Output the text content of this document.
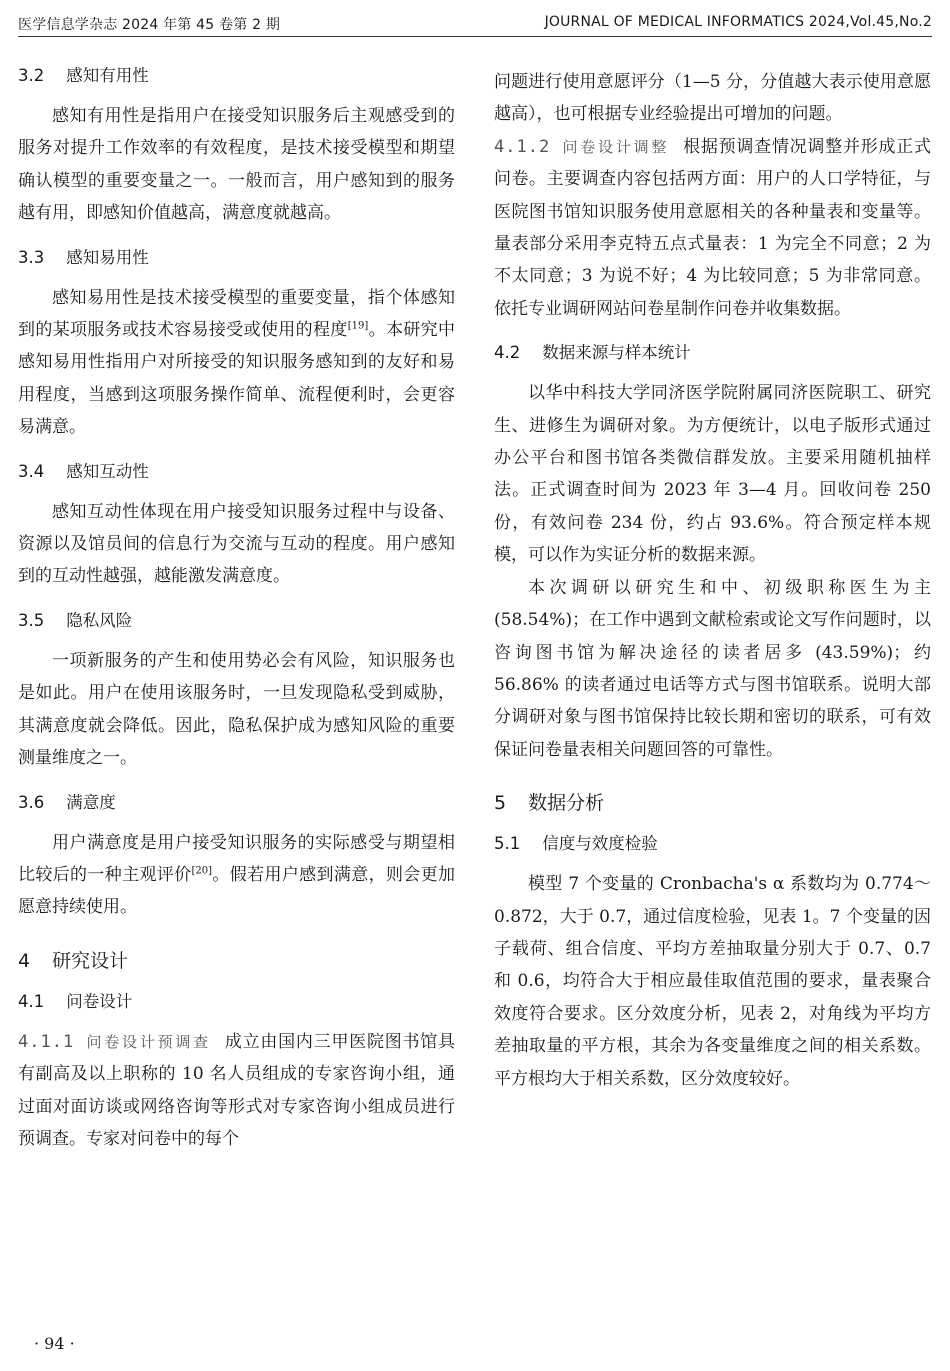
医学信息学杂志 2024 年第 45 卷第 2 期	JOURNAL OF MEDICAL INFORMATICS 2024,Vol.45,No.2
3.2 感知有用性

感知有用性是指用户在接受知识服务后主观感受到的服务对提升工作效率的有效程度，是技术接受模型和期望确认模型的重要变量之一。一般而言，用户感知到的服务越有用，即感知价值越高，满意度就越高。

3.3 感知易用性

感知易用性是技术接受模型的重要变量，指个体感知到的某项服务或技术容易接受或使用的程度[19]。本研究中感知易用性指用户对所接受的知识服务感知到的友好和易用程度，当感到这项服务操作简单、流程便利时，会更容易满意。

3.4 感知互动性

感知互动性体现在用户接受知识服务过程中与设备、资源以及馆员间的信息行为交流与互动的程度。用户感知到的互动性越强，越能激发满意度。

3.5 隐私风险

一项新服务的产生和使用势必会有风险，知识服务也是如此。用户在使用该服务时，一旦发现隐私受到威胁，其满意度就会降低。因此，隐私保护成为感知风险的重要测量维度之一。

3.6 满意度

用户满意度是用户接受知识服务的实际感受与期望相比较后的一种主观评价[20]。假若用户感到满意，则会更加愿意持续使用。

4 研究设计
4.1 问卷设计

4.1.1 问卷设计预调查 成立由国内三甲医院图书馆具有副高及以上职称的 10 名人员组成的专家咨询小组，通过面对面访谈或网络咨询等形式对专家咨询小组成员进行预调查。专家对问卷中的每个

问题进行使用意愿评分（1—5 分，分值越大表示使用意愿越高），也可根据专业经验提出可增加的问题。

4.1.2 问卷设计调整 根据预调查情况调整并形成正式问卷。主要调查内容包括两方面：用户的人口学特征，与医院图书馆知识服务使用意愿相关的各种量表和变量等。量表部分采用李克特五点式量表：1 为完全不同意；2 为不太同意；3 为说不好；4 为比较同意；5 为非常同意。依托专业调研网站问卷星制作问卷并收集数据。

4.2 数据来源与样本统计

以华中科技大学同济医学院附属同济医院职工、研究生、进修生为调研对象。为方便统计，以电子版形式通过办公平台和图书馆各类微信群发放。主要采用随机抽样法。正式调查时间为 2023 年 3—4 月。回收问卷 250 份，有效问卷 234 份，约占 93.6%。符合预定样本规模，可以作为实证分析的数据来源。

本次调研以研究生和中、初级职称医生为主(58.54%)；在工作中遇到文献检索或论文写作问题时，以咨询图书馆为解决途径的读者居多 (43.59%)；约 56.86% 的读者通过电话等方式与图书馆联系。说明大部分调研对象与图书馆保持比较长期和密切的联系，可有效保证问卷量表相关问题回答的可靠性。

5 数据分析
5.1 信度与效度检验

模型 7 个变量的 Cronbacha's α 系数均为 0.774～0.872，大于 0.7，通过信度检验，见表 1。7 个变量的因子载荷、组合信度、平均方差抽取量分别大于 0.7、0.7 和 0.6，均符合大于相应最佳取值范围的要求，量表聚合效度符合要求。区分效度分析，见表 2，对角线为平均方差抽取量的平方根，其余为各变量维度之间的相关系数。平方根均大于相关系数，区分效度较好。

· 94 ·
